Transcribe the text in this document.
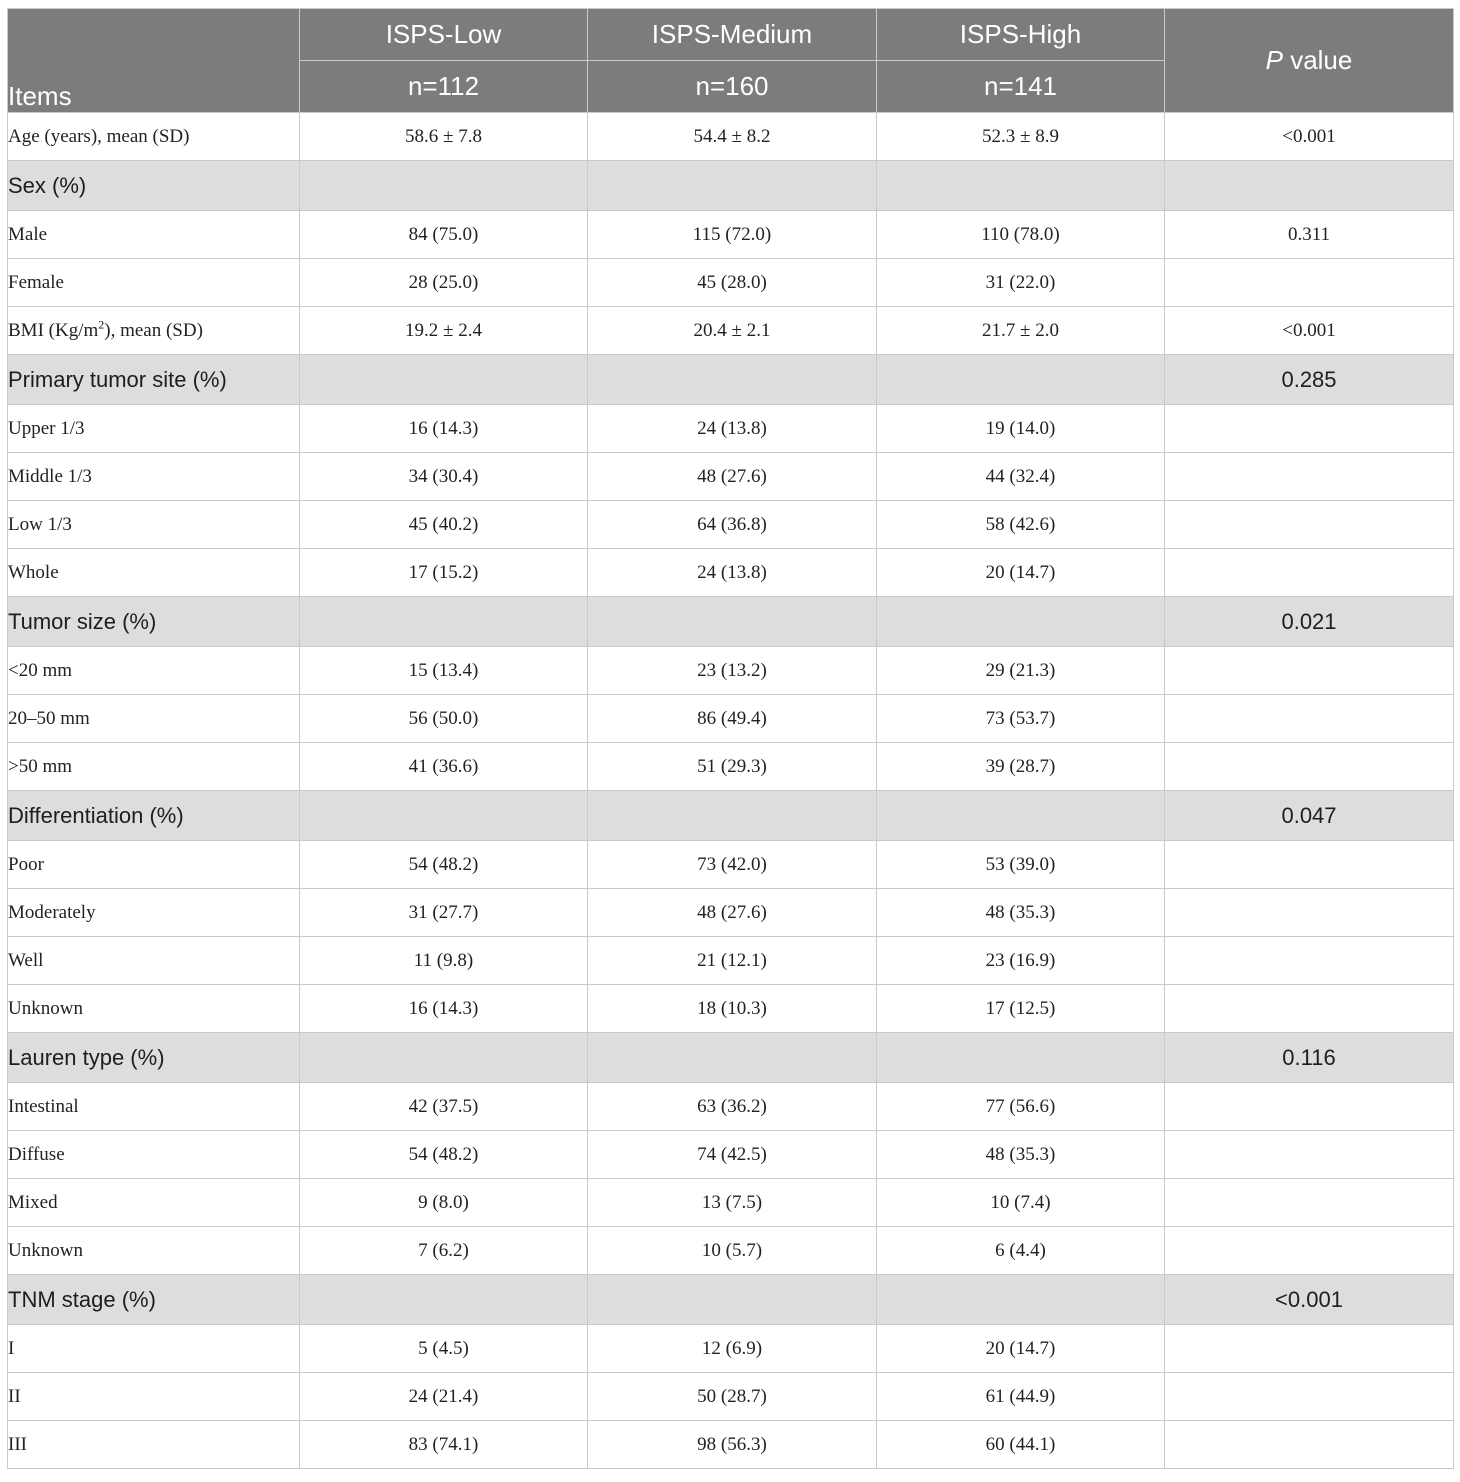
Items	ISPS-Low	ISPS-Medium	ISPS-High	P value
	n=112	n=160	n=141	
Age (years), mean (SD)	58.6 ± 7.8	54.4 ± 8.2	52.3 ± 8.9	<0.001
Sex (%)				
Male	84 (75.0)	115 (72.0)	110 (78.0)	0.311
Female	28 (25.0)	45 (28.0)	31 (22.0)	
BMI $(Kg/m^2)$, mean (SD)	19.2 ± 2.4	20.4 ± 2.1	21.7 ± 2.0	<0.001
Primary tumor site (%)				0.285
Upper 1/3	16 (14.3)	24 (13.8)	19 (14.0)	
Middle 1/3	34 (30.4)	48 (27.6)	44 (32.4)	
Low 1/3	45 (40.2)	64 (36.8)	58 (42.6)	
Whole	17 (15.2)	24 (13.8)	20 (14.7)	
Tumor size (%)				0.021
<20 mm	15 (13.4)	23 (13.2)	29 (21.3)	
20–50 mm	56 (50.0)	86 (49.4)	73 (53.7)	
>50 mm	41 (36.6)	51 (29.3)	39 (28.7)	
Differentiation (%)				0.047
Poor	54 (48.2)	73 (42.0)	53 (39.0)	
Moderately	31 (27.7)	48 (27.6)	48 (35.3)	
Well	11 (9.8)	21 (12.1)	23 (16.9)	
Unknown	16 (14.3)	18 (10.3)	17 (12.5)	
Lauren type (%)				0.116
Intestinal	42 (37.5)	63 (36.2)	77 (56.6)	
Diffuse	54 (48.2)	74 (42.5)	48 (35.3)	
Mixed	9 (8.0)	13 (7.5)	10 (7.4)	
Unknown	7 (6.2)	10 (5.7)	6 (4.4)	
TNM stage (%)				<0.001
I	5 (4.5)	12 (6.9)	20 (14.7)	
II	24 (21.4)	50 (28.7)	61 (44.9)	
III	83 (74.1)	98 (56.3)	60 (44.1)	
